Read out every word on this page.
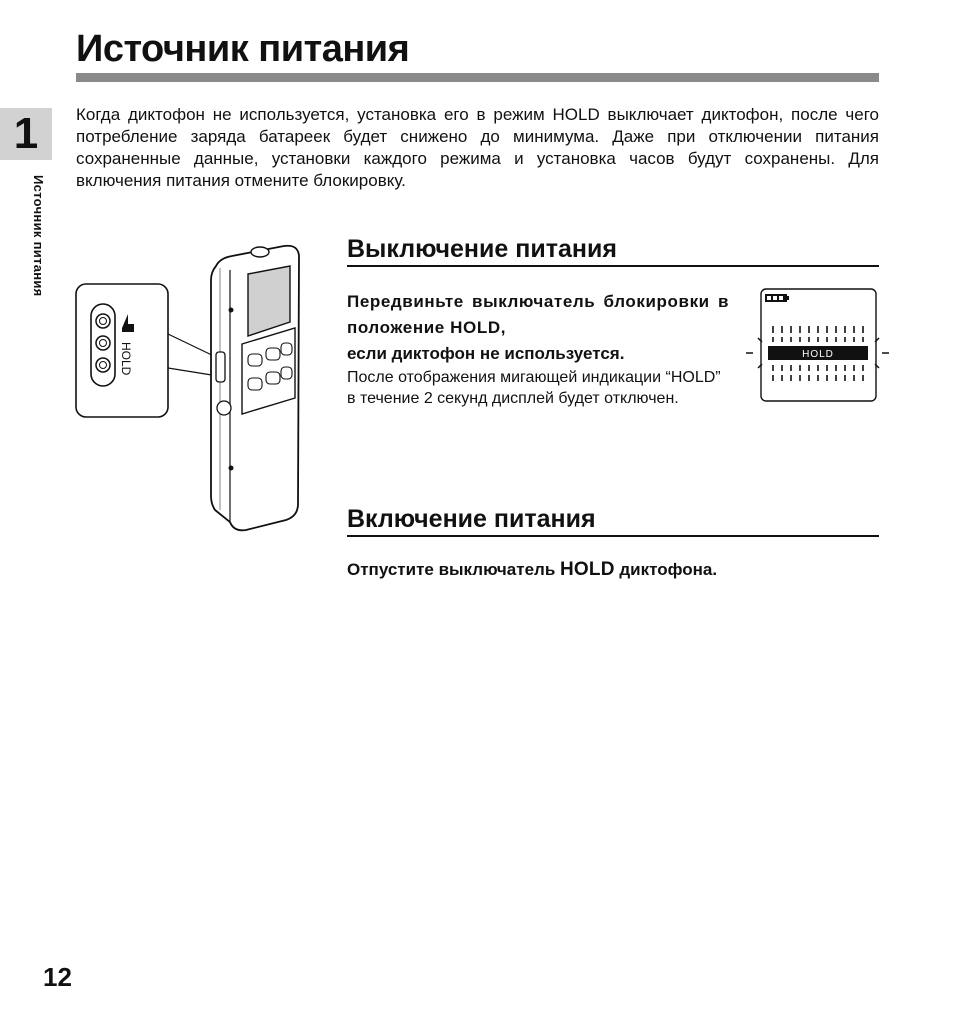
Источник питания
1
Источник питания

Когда диктофон не используется, установка его в режим HOLD выключает диктофон, после чего потребление заряда батареек будет снижено до минимума. Даже при отключении питания сохраненные данные, установки каждого режима и установка часов будут сохранены. Для включения питания отмените блокировку.

HOLD
Выключение питания

Передвиньте выключатель блокировки в положение HOLD,
если диктофон не используется.

После отображения мигающей индикации “HOLD” в течение 2 секунд дисплей будет отключен.

HOLD
Включение питания

Отпустите выключатель HOLD диктофона.

12
